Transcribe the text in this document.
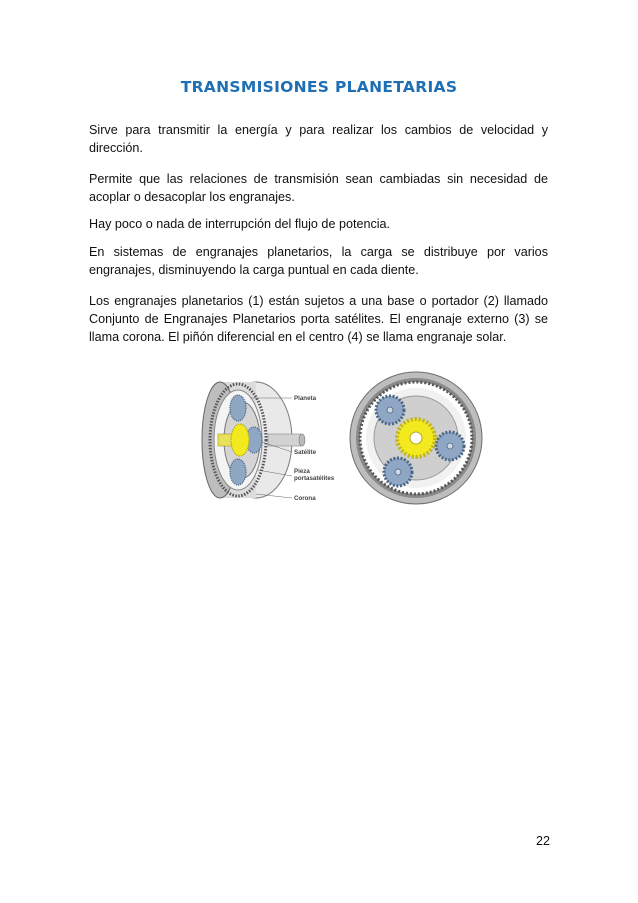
TRANSMISIONES PLANETARIAS

Sirve para transmitir la energía y para realizar los cambios de velocidad y dirección.

Permite que las relaciones de transmisión sean cambiadas sin necesidad de acoplar o desacoplar los engranajes.

Hay poco o nada de interrupción del flujo de potencia.

En sistemas de engranajes planetarios, la carga se distribuye por varios engranajes, disminuyendo la carga puntual en cada diente.

Los engranajes planetarios (1) están sujetos a una base o portador (2) llamado Conjunto de Engranajes Planetarios porta satélites. El engranaje externo (3) se llama corona. El piñón diferencial en el centro (4) se llama engranaje solar.

Planeta
Satélite
Pieza
portasatélites
Corona
22
